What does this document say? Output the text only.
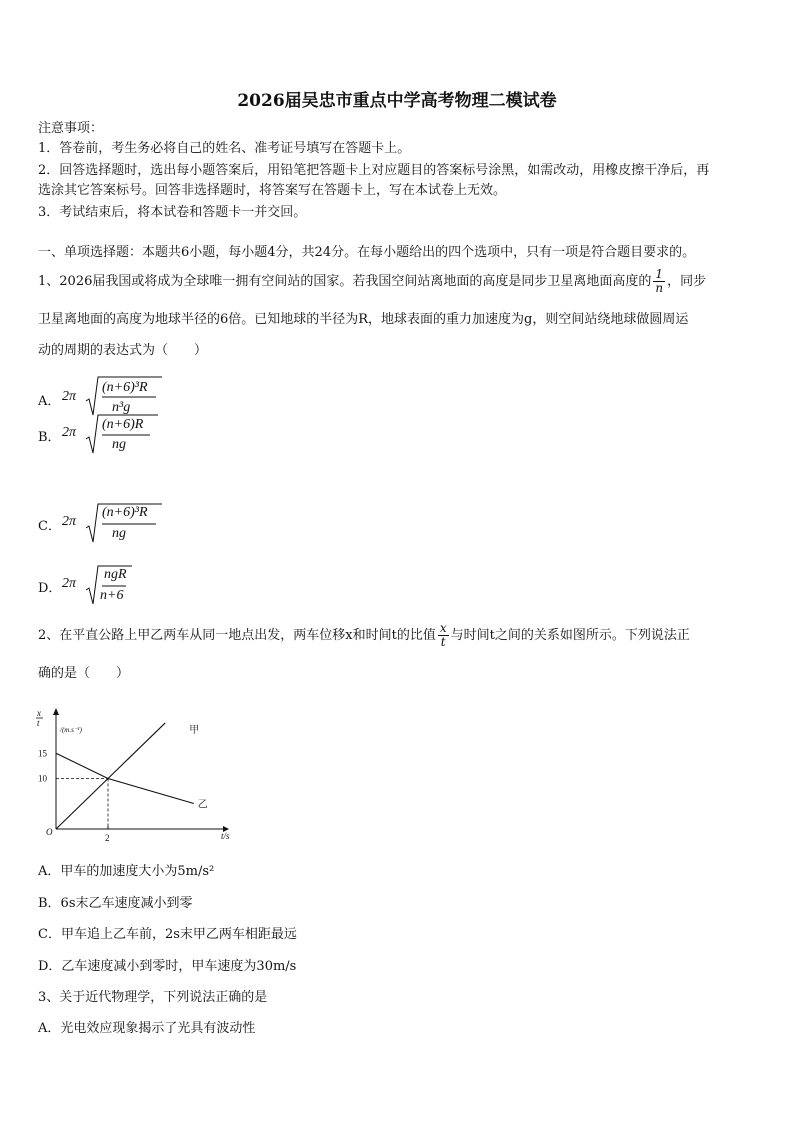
2026届吴忠市重点中学高考物理二模试卷
注意事项：
1．答卷前，考生务必将自己的姓名、准考证号填写在答题卡上。
2．回答选择题时，选出每小题答案后，用铅笔把答题卡上对应题目的答案标号涂黑，如需改动，用橡皮擦干净后，再
选涂其它答案标号。回答非选择题时，将答案写在答题卡上，写在本试卷上无效。
3．考试结束后，将本试卷和答题卡一并交回。
一、单项选择题：本题共6小题，每小题4分，共24分。在每小题给出的四个选项中，只有一项是符合题目要求的。
1、2026届我国或将成为全球唯一拥有空间站的国家。若我国空间站离地面的高度是同步卫星离地面高度的 $\frac{1}{n}$ ，同步
卫星离地面的高度为地球半径的6倍。已知地球的半径为R，地球表面的重力加速度为g，则空间站绕地球做圆周运
动的周期的表达式为（　　）
A． 2π
(n+6)³R
n³g
B． 2π
(n+6)R
ng
C． 2π
(n+6)³R
ng
D． 2π
ngR
n+6
2、在平直公路上甲乙两车从同一地点出发，两车位移x和时间t的比值 $\frac{x}{t}$ 与时间t之间的关系如图所示。下列说法正
确的是（　　）
x
t
/(m.s⁻¹)
15
10
2
O	t/s
甲
乙
A．甲车的加速度大小为5m/s²
B．6s末乙车速度减小到零
C．甲车追上乙车前，2s末甲乙两车相距最远
D．乙车速度减小到零时，甲车速度为30m/s
3、关于近代物理学，下列说法正确的是
A．光电效应现象揭示了光具有波动性
